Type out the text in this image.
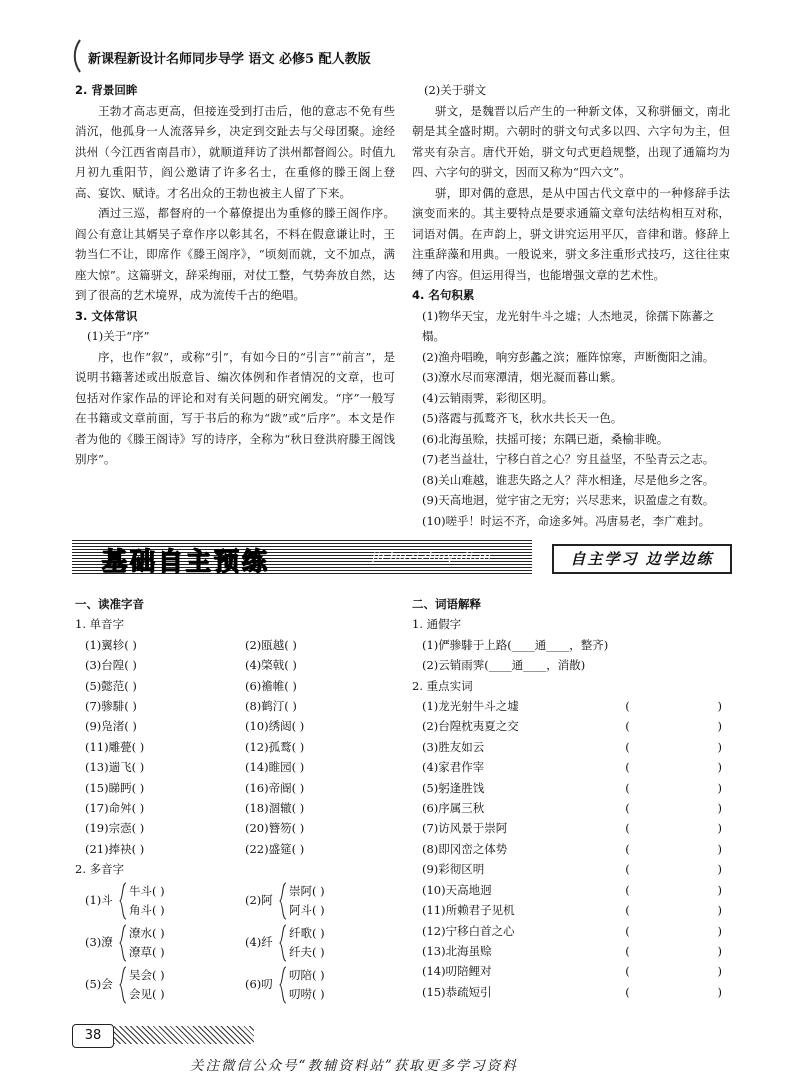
新课程新设计名师同步导学 语文 必修5 配人教版

2. 背景回眸

王勃才高志更高，但接连受到打击后，他的意志不免有些消沉，他孤身一人流落异乡，决定到交趾去与父母团聚。途经洪州（今江西省南昌市），就顺道拜访了洪州都督阎公。时值九月初九重阳节，阎公邀请了许多名士，在重修的滕王阁上登高、宴饮、赋诗。才名出众的王勃也被主人留了下来。

酒过三巡，都督府的一个幕僚提出为重修的滕王阁作序。阎公有意让其婿吴子章作序以彰其名，不料在假意谦让时，王勃当仁不让，即席作《滕王阁序》，“顷刻而就，文不加点，满座大惊”。这篇骈文，辞采绚丽，对仗工整，气势奔放自然，达到了很高的艺术境界，成为流传千古的绝唱。

3. 文体常识

(1)关于“序”

序，也作“叙”，或称“引”，有如今日的“引言”“前言”，是说明书籍著述或出版意旨、编次体例和作者情况的文章，也可包括对作家作品的评论和对有关问题的研究阐发。“序”一般写在书籍或文章前面，写于书后的称为“跋”或“后序”。本文是作者为他的《滕王阁诗》写的诗序，全称为“秋日登洪府滕王阁饯别序”。

(2)关于骈文

骈文，是魏晋以后产生的一种新文体，又称骈俪文，南北朝是其全盛时期。六朝时的骈文句式多以四、六字句为主，但常夹有杂言。唐代开始，骈文句式更趋规整，出现了通篇均为四、六字句的骈文，因而又称为“四六文”。

骈，即对偶的意思，是从中国古代文章中的一种修辞手法演变而来的。其主要特点是要求通篇文章句法结构相互对称，词语对偶。在声韵上，骈文讲究运用平仄，音律和谐。修辞上注重辞藻和用典。一般说来，骈文多注重形式技巧，这往往束缚了内容。但运用得当，也能增强文章的艺术性。

4. 名句积累

(1)物华天宝，龙光射牛斗之墟；人杰地灵，徐孺下陈蕃之榻。
(2)渔舟唱晚，响穷彭蠡之滨；雁阵惊寒，声断衡阳之浦。
(3)潦水尽而寒潭清，烟光凝而暮山紫。
(4)云销雨霁，彩彻区明。
(5)落霞与孤鹜齐飞，秋水共长天一色。
(6)北海虽赊，扶摇可接；东隅已逝，桑榆非晚。
(7)老当益壮，宁移白首之心？穷且益坚，不坠青云之志。
(8)关山难越，谁悲失路之人？萍水相逢，尽是他乡之客。
(9)天高地迥，觉宇宙之无穷；兴尽悲来，识盈虚之有数。
(10)嗟乎！时运不齐，命途多舛。冯唐易老，李广难封。
基础自主预练	jichuzizhuyulian	自主学习 边学边练
一、读准字音
1. 单音字
(1)翼轸( )	(2)瓯越( )
(3)台隍( )	(4)棨戟( )
(5)懿范( )	(6)襜帷( )
(7)骖騑( )	(8)鹤汀( )
(9)凫渚( )	(10)绣闼( )
(11)雕甍( )	(12)孤鹜( )
(13)遄飞( )	(14)睢园( )
(15)睇眄( )	(16)帝阍( )
(17)命舛( )	(18)涸辙( )
(19)宗悫( )	(20)簪笏( )
(21)捧袂( )	(22)盛筵( )
2. 多音字
(1)斗
牛斗( )
角斗( )
(2)阿
崇阿( )
阿斗( )
(3)潦
潦水( )
潦草( )
(4)纤
纤歌( )
纤夫( )
(5)会
吴会( )
会见( )
(6)叨
叨陪( )
叨唠( )
二、词语解释
1. 通假字
(1)俨骖騑于上路(____通____，整齐)
(2)云销雨霁(____通____，消散)
2. 重点实词
(1)龙光射牛斗之墟	(                        )
(2)台隍枕夷夏之交	(                        )
(3)胜友如云	(                        )
(4)家君作宰	(                        )
(5)躬逢胜饯	(                        )
(6)序属三秋	(                        )
(7)访风景于崇阿	(                        )
(8)即冈峦之体势	(                        )
(9)彩彻区明	(                        )
(10)天高地迥	(                        )
(11)所赖君子见机	(                        )
(12)宁移白首之心	(                        )
(13)北海虽赊	(                        )
(14)叨陪鲤对	(                        )
(15)恭疏短引	(                        )
38
关注微信公众号“教辅资料站”获取更多学习资料
